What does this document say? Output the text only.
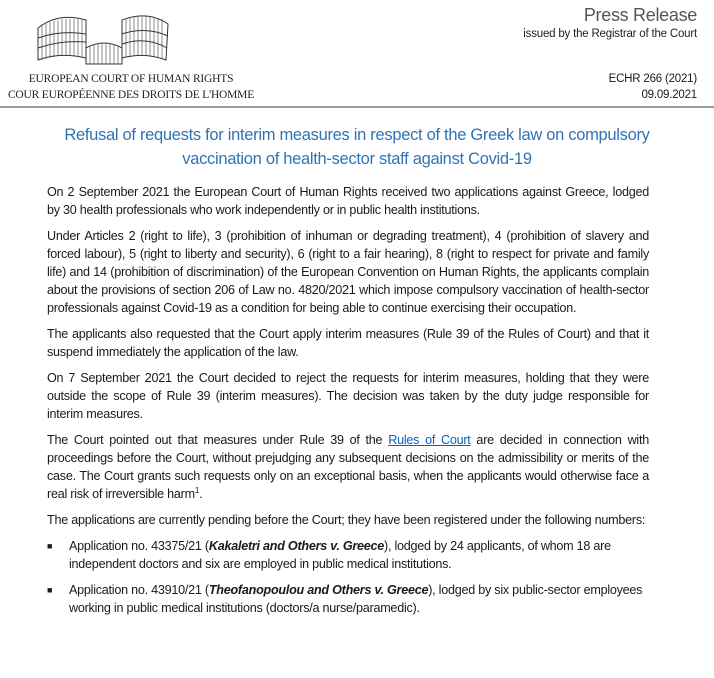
EUROPEAN COURT OF HUMAN RIGHTS
COUR EUROPÉENNE DES DROITS DE L'HOMME
Press Release
issued by the Registrar of the Court
ECHR 266 (2021)
09.09.2021
Refusal of requests for interim measures in respect of the Greek law on compulsory vaccination of health-sector staff against Covid-19

On 2 September 2021 the European Court of Human Rights received two applications against Greece, lodged by 30 health professionals who work independently or in public health institutions.

Under Articles 2 (right to life), 3 (prohibition of inhuman or degrading treatment), 4 (prohibition of slavery and forced labour), 5 (right to liberty and security), 6 (right to a fair hearing), 8 (right to respect for private and family life) and 14 (prohibition of discrimination) of the European Convention on Human Rights, the applicants complain about the provisions of section 206 of Law no. 4820/2021 which impose compulsory vaccination of health-sector professionals against Covid-19 as a condition for being able to continue exercising their occupation.

The applicants also requested that the Court apply interim measures (Rule 39 of the Rules of Court) and that it suspend immediately the application of the law.

On 7 September 2021 the Court decided to reject the requests for interim measures, holding that they were outside the scope of Rule 39 (interim measures). The decision was taken by the duty judge responsible for interim measures.

The Court pointed out that measures under Rule 39 of the Rules of Court are decided in connection with proceedings before the Court, without prejudging any subsequent decisions on the admissibility or merits of the case. The Court grants such requests only on an exceptional basis, when the applicants would otherwise face a real risk of irreversible harm$^1$.

The applications are currently pending before the Court; they have been registered under the following numbers:

■	Application no. 43375/21 (Kakaletri and Others v. Greece), lodged by 24 applicants, of whom 18 are independent doctors and six are employed in public medical institutions.
■	Application no. 43910/21 (Theofanopoulou and Others v. Greece), lodged by six public-sector employees working in public medical institutions (doctors/a nurse/paramedic).
